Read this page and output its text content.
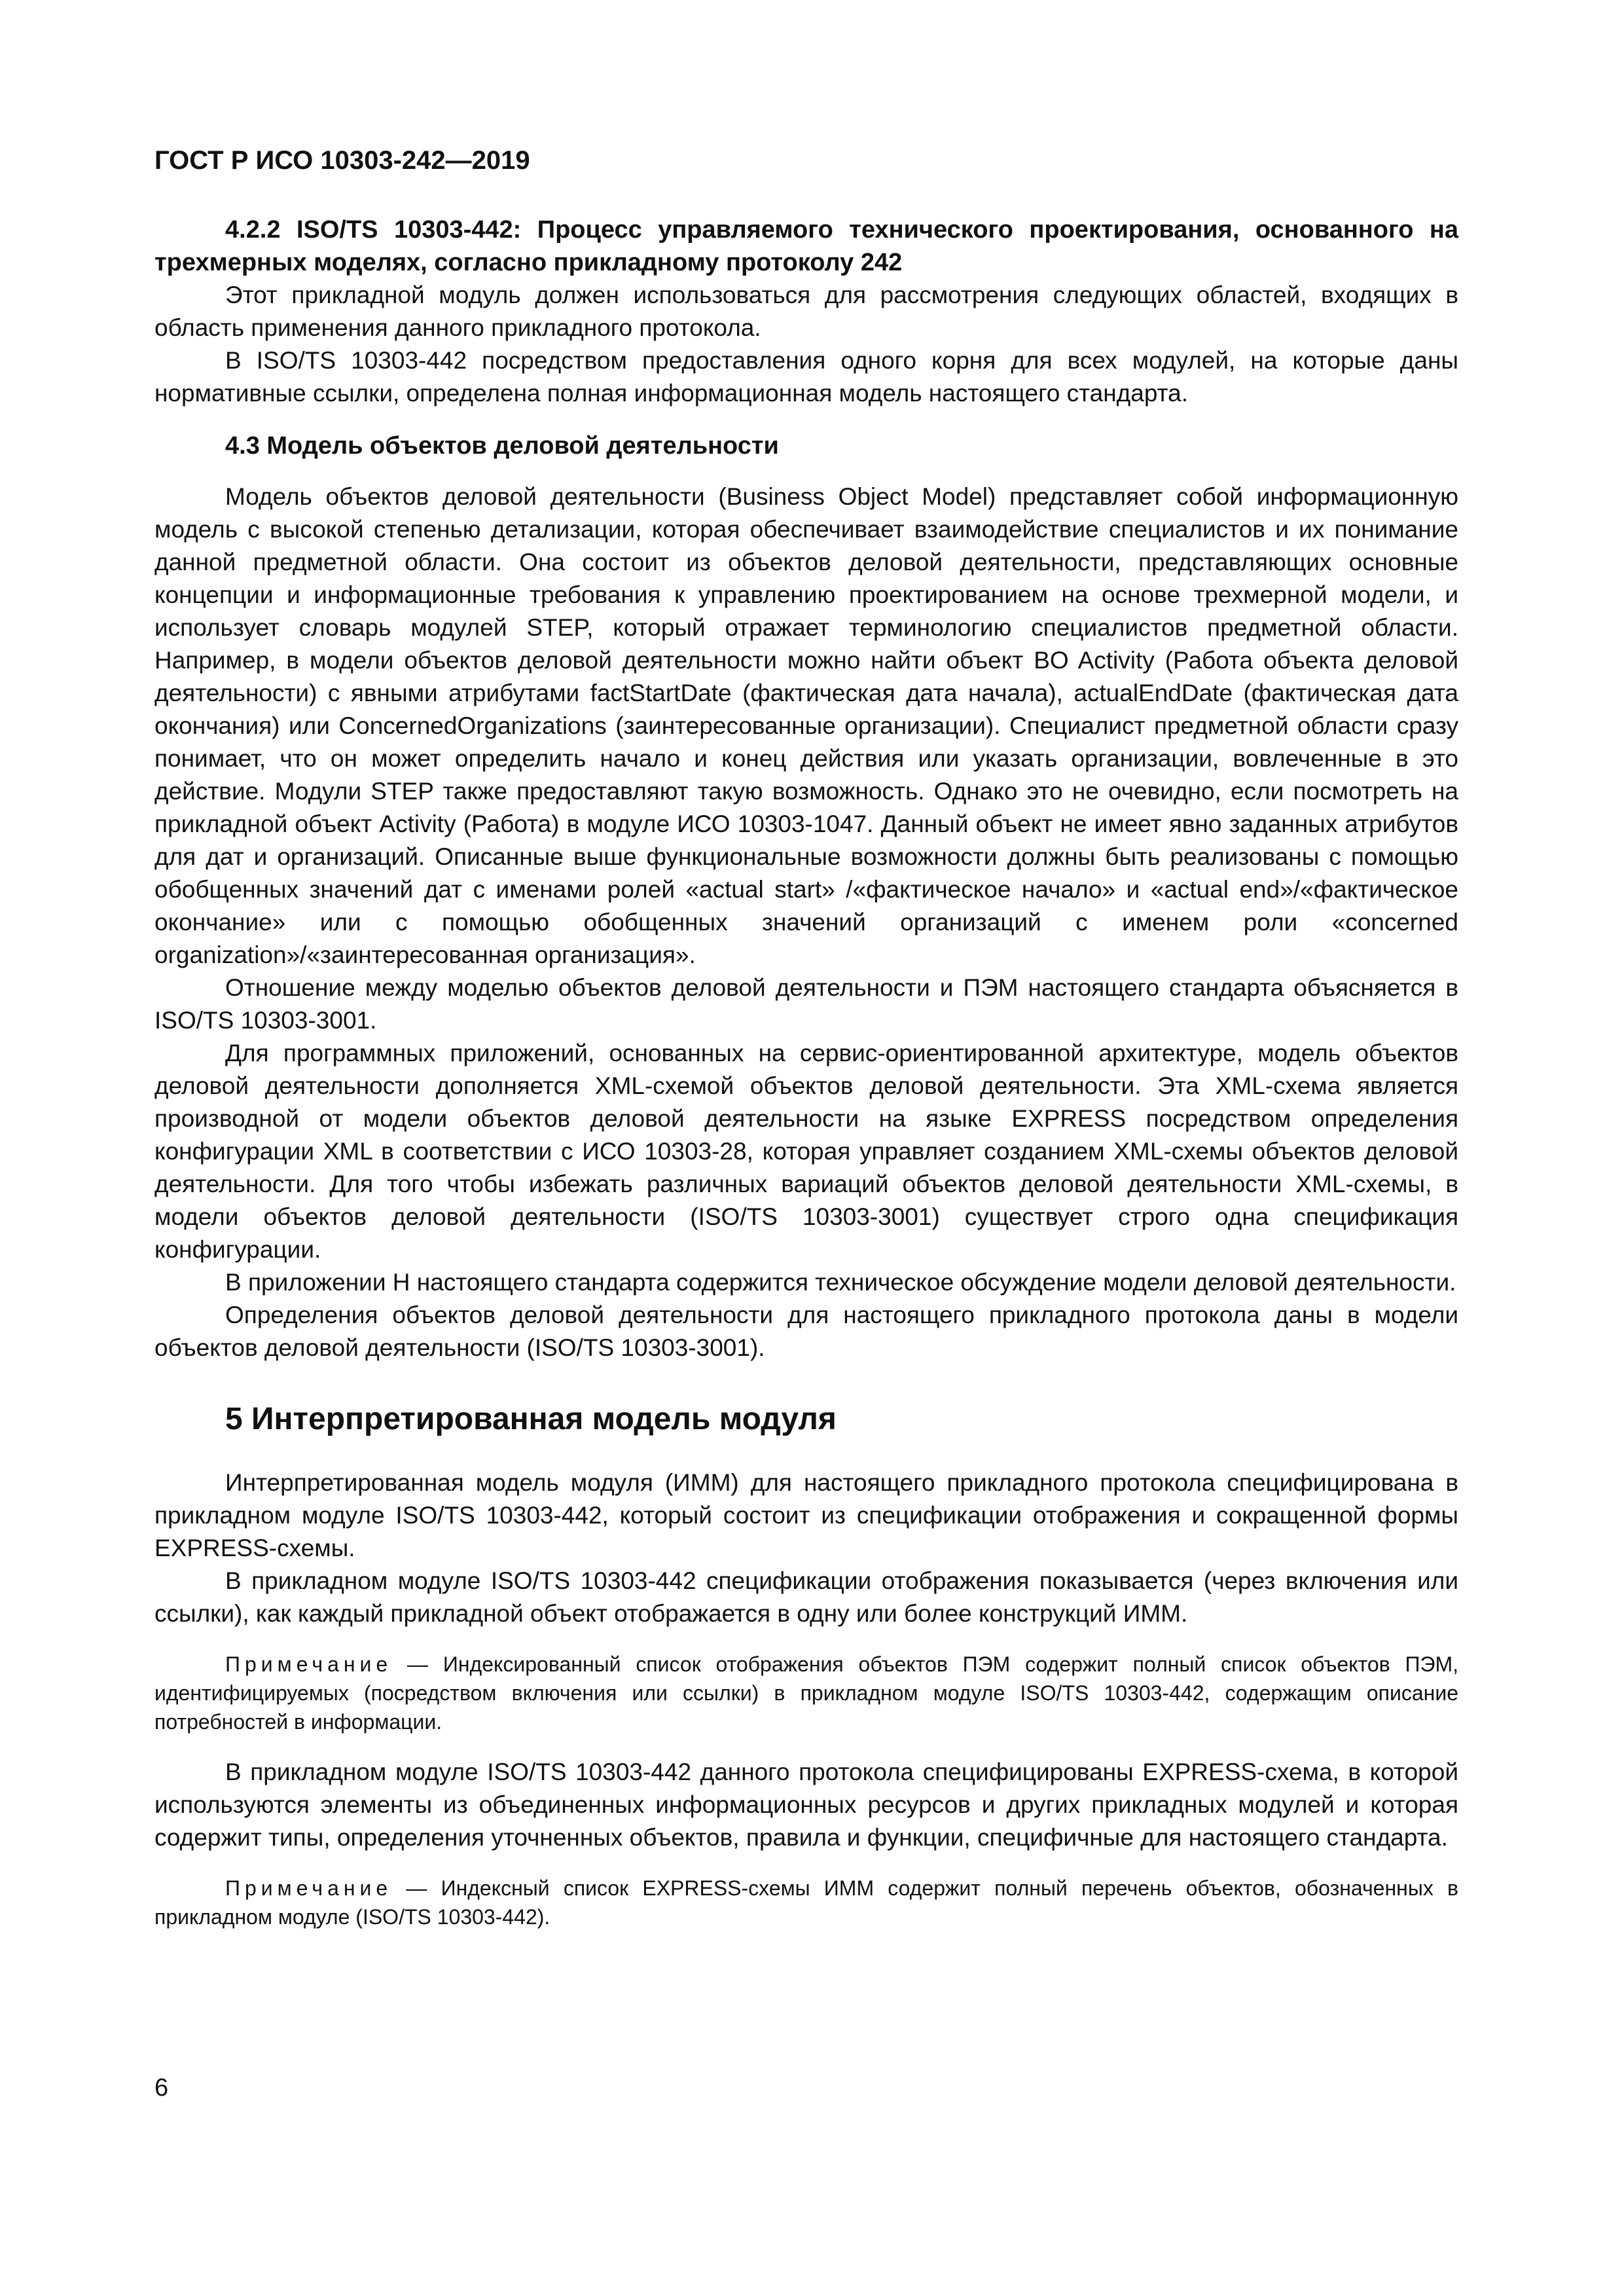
ГОСТ Р ИСО 10303-242—2019
4.2.2 ISO/TS 10303-442: Процесс управляемого технического проектирования, основанного на трехмерных моделях, согласно прикладному протоколу 242

Этот прикладной модуль должен использоваться для рассмотрения следующих областей, входящих в область применения данного прикладного протокола.

В ISO/TS 10303-442 посредством предоставления одного корня для всех модулей, на которые даны нормативные ссылки, определена полная информационная модель настоящего стандарта.

4.3 Модель объектов деловой деятельности

Модель объектов деловой деятельности (Business Object Model) представляет собой информационную модель с высокой степенью детализации, которая обеспечивает взаимодействие специалистов и их понимание данной предметной области. Она состоит из объектов деловой деятельности, представляющих основные концепции и информационные требования к управлению проектированием на основе трехмерной модели, и использует словарь модулей STEP, который отражает терминологию специалистов предметной области. Например, в модели объектов деловой деятельности можно найти объект BO Activity (Работа объекта деловой деятельности) с явными атрибутами factStartDate (фактическая дата начала), actualEndDate (фактическая дата окончания) или ConcernedOrganizations (заинтересованные организации). Специалист предметной области сразу понимает, что он может определить начало и конец действия или указать организации, вовлеченные в это действие. Модули STEP также предоставляют такую возможность. Однако это не очевидно, если посмотреть на прикладной объект Activity (Работа) в модуле ИСО 10303-1047. Данный объект не имеет явно заданных атрибутов для дат и организаций. Описанные выше функциональные возможности должны быть реализованы с помощью обобщенных значений дат с именами ролей «actual start» /«фактическое начало» и «actual end»/«фактическое окончание» или с помощью обобщенных значений организаций с именем роли «concerned organization»/«заинтересованная организация».

Отношение между моделью объектов деловой деятельности и ПЭМ настоящего стандарта объясняется в ISO/TS 10303-3001.

Для программных приложений, основанных на сервис-ориентированной архитектуре, модель объектов деловой деятельности дополняется XML-схемой объектов деловой деятельности. Эта XML-схема является производной от модели объектов деловой деятельности на языке EXPRESS посредством определения конфигурации XML в соответствии с ИСО 10303-28, которая управляет созданием XML-схемы объектов деловой деятельности. Для того чтобы избежать различных вариаций объектов деловой деятельности XML-схемы, в модели объектов деловой деятельности (ISO/TS 10303-3001) существует строго одна спецификация конфигурации.

В приложении Н настоящего стандарта содержится техническое обсуждение модели деловой деятельности.

Определения объектов деловой деятельности для настоящего прикладного протокола даны в модели объектов деловой деятельности (ISO/TS 10303-3001).

5 Интерпретированная модель модуля

Интерпретированная модель модуля (ИММ) для настоящего прикладного протокола специфицирована в прикладном модуле ISO/TS 10303-442, который состоит из спецификации отображения и сокращенной формы EXPRESS-схемы.

В прикладном модуле ISO/TS 10303-442 спецификации отображения показывается (через включения или ссылки), как каждый прикладной объект отображается в одну или более конструкций ИММ.

Примечание — Индексированный список отображения объектов ПЭМ содержит полный список объектов ПЭМ, идентифицируемых (посредством включения или ссылки) в прикладном модуле ISO/TS 10303-442, содержащим описание потребностей в информации.

В прикладном модуле ISO/TS 10303-442 данного протокола специфицированы EXPRESS-схема, в которой используются элементы из объединенных информационных ресурсов и других прикладных модулей и которая содержит типы, определения уточненных объектов, правила и функции, специфичные для настоящего стандарта.

Примечание — Индексный список EXPRESS-схемы ИММ содержит полный перечень объектов, обозначенных в прикладном модуле (ISO/TS 10303-442).

6
